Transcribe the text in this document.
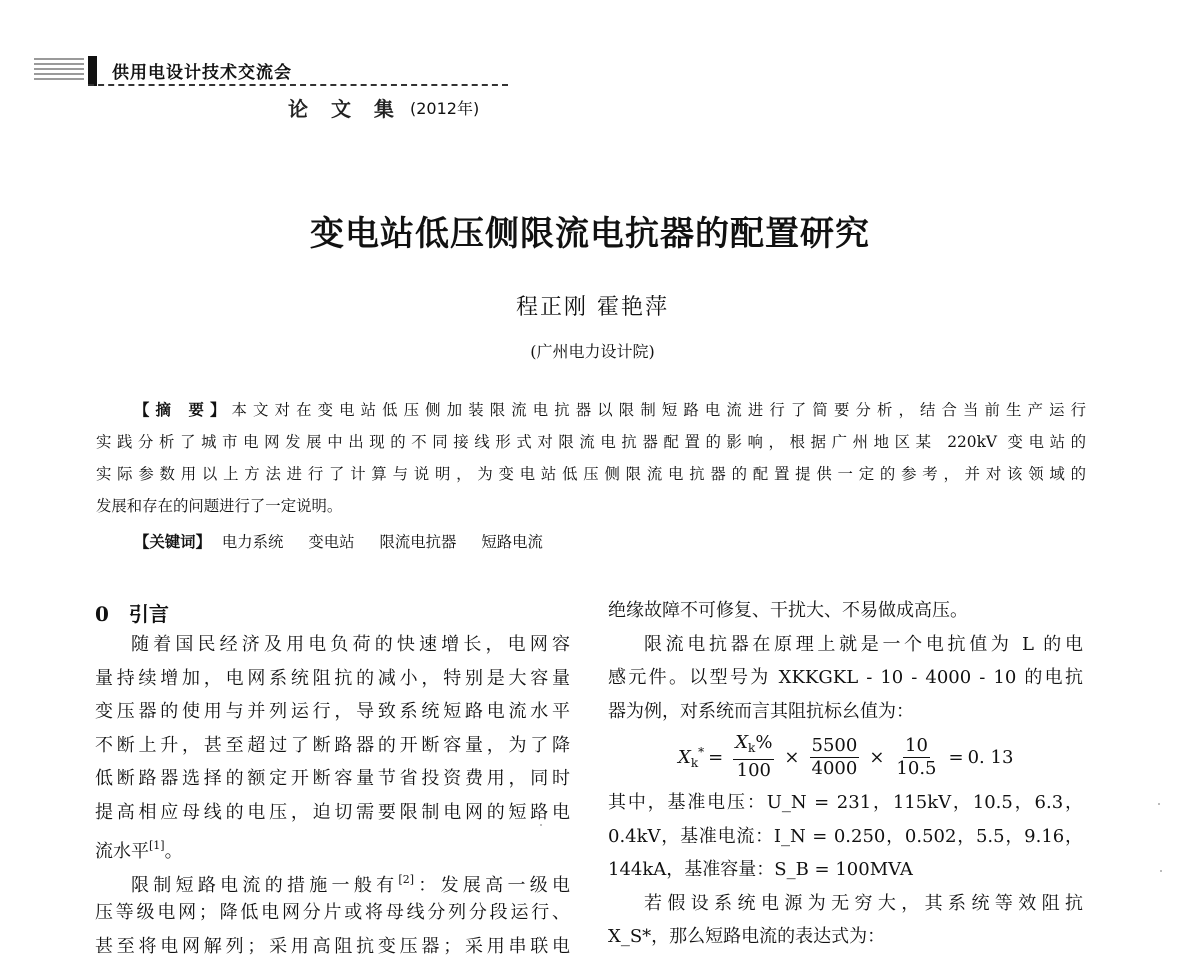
供用电设计技术交流会
论 文 集 (2012年)
变电站低压侧限流电抗器的配置研究
程正刚 霍艳萍
(广州电力设计院)
【摘 要】本文对在变电站低压侧加装限流电抗器以限制短路电流进行了简要分析，结合当前生产运行
实践分析了城市电网发展中出现的不同接线形式对限流电抗器配置的影响，根据广州地区某 220kV 变电站的
实际参数用以上方法进行了计算与说明，为变电站低压侧限流电抗器的配置提供一定的参考，并对该领域的
发展和存在的问题进行了一定说明。
【关键词】 电力系统 变电站 限流电抗器 短路电流
0 引言
随着国民经济及用电负荷的快速增长，电网容
量持续增加，电网系统阻抗的减小，特别是大容量
变压器的使用与并列运行，导致系统短路电流水平
不断上升，甚至超过了断路器的开断容量，为了降
低断路器选择的额定开断容量节省投资费用，同时
提高相应母线的电压，迫切需要限制电网的短路电
流水平[1]。
限制短路电流的措施一般有[2]：发展高一级电
压等级电网；降低电网分片或将母线分列分段运行、
甚至将电网解列；采用高阻抗变压器；采用串联电
绝缘故障不可修复、干扰大、不易做成高压。
限流电抗器在原理上就是一个电抗值为 L 的电
感元件。以型号为 XKKGKL - 10 - 4000 - 10 的电抗
器为例，对系统而言其阻抗标幺值为：
$X_k^* = \frac{X_k\%}{100} \times \frac{5500}{4000} \times \frac{10}{10.5} = 0$. 13
其中，基准电压：U_N = 231，115kV，10.5，6.3，
0.4kV，基准电流：I_N = 0.250，0.502，5.5，9.16，
144kA，基准容量：S_B = 100MVA
若假设系统电源为无穷大，其系统等效阻抗
X_S*，那么短路电流的表达式为：
